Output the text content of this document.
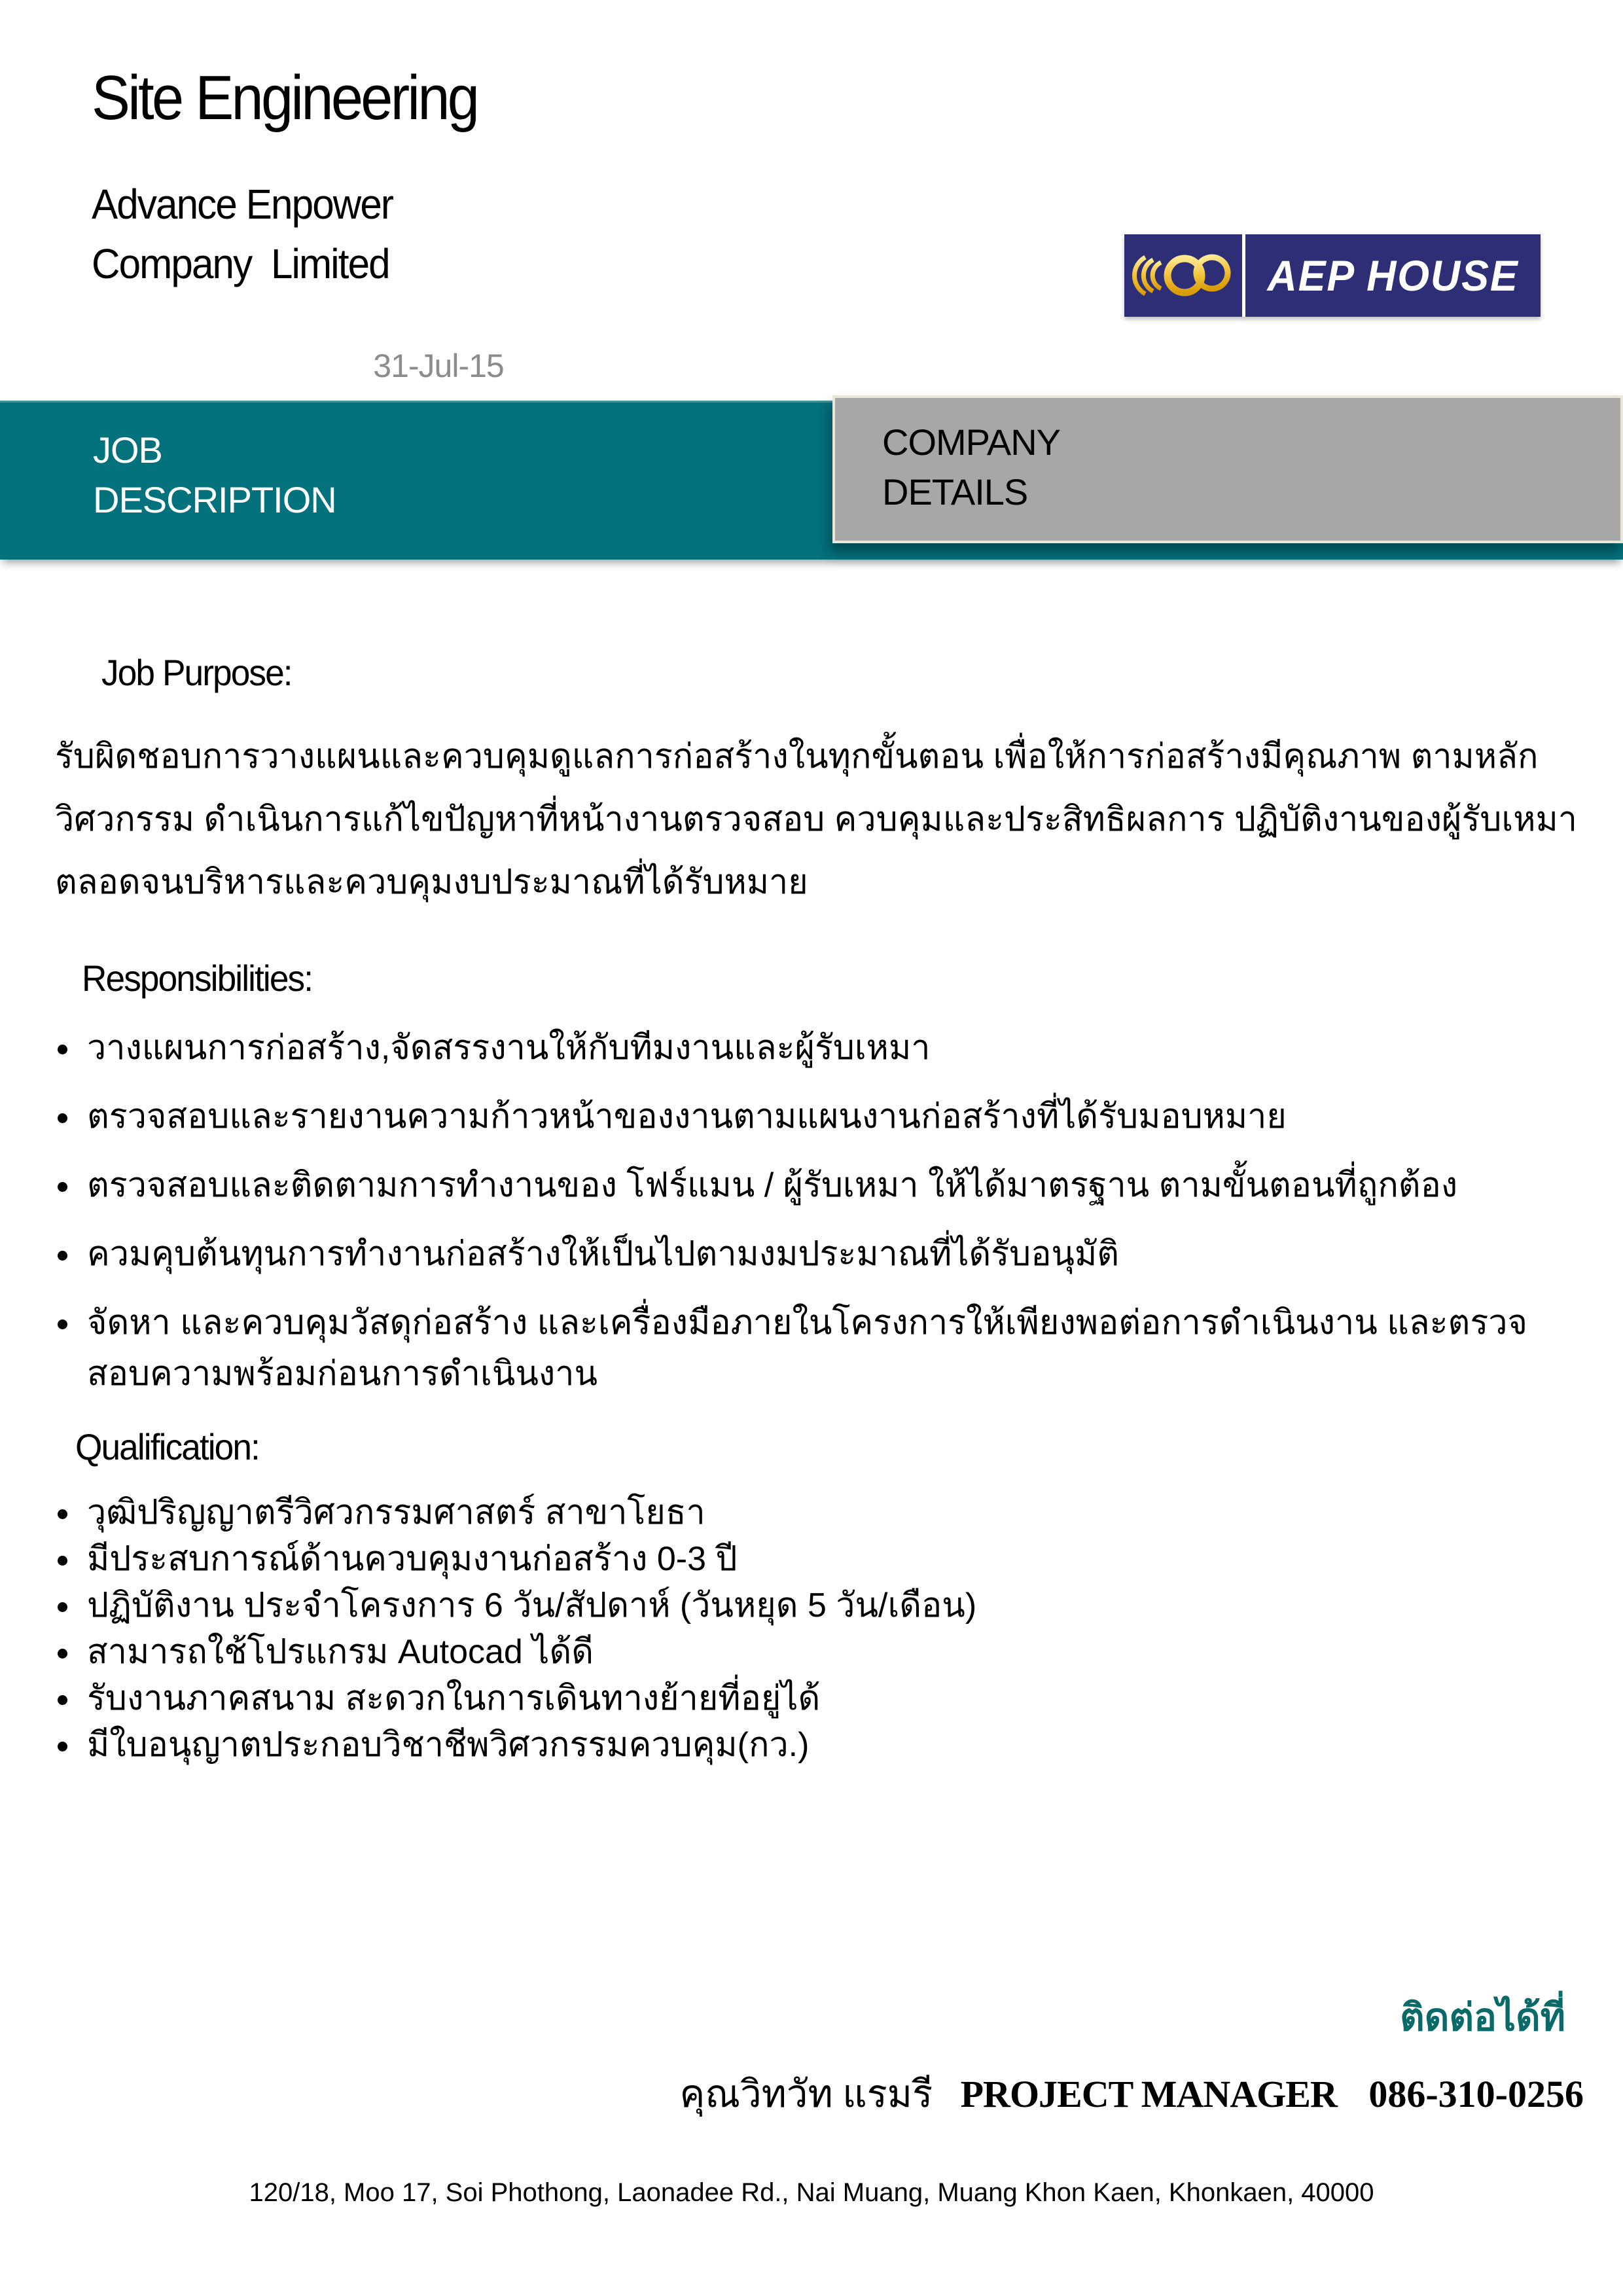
Site Engineering
Advance Enpower
Company  Limited
31-Jul-15
AEP HOUSE
JOB
DESCRIPTION
COMPANY
DETAILS
Job Purpose:

รับผิดชอบการวางแผนและควบคุมดูแลการก่อสร้างในทุกขั้นตอน เพื่อให้การก่อสร้างมีคุณภาพ ตามหลักวิศวกรรม ดำเนินการแก้ไขปัญหาที่หน้างานตรวจสอบ ควบคุมและประสิทธิผลการ ปฏิบัติงานของผู้รับเหมา ตลอดจนบริหารและควบคุมงบประมาณที่ได้รับหมาย

Responsibilities:
• วางแผนการก่อสร้าง,จัดสรรงานให้กับทีมงานและผู้รับเหมา
• ตรวจสอบและรายงานความก้าวหน้าของงานตามแผนงานก่อสร้างที่ได้รับมอบหมาย
• ตรวจสอบและติดตามการทำงานของ โฟร์แมน / ผู้รับเหมา ให้ได้มาตรฐาน ตามขั้นตอนที่ถูกต้อง
• ควมคุบต้นทุนการทำงานก่อสร้างให้เป็นไปตามงมประมาณที่ได้รับอนุมัติ
• จัดหา และควบคุมวัสดุก่อสร้าง และเครื่องมือภายในโครงการให้เพียงพอต่อการดำเนินงาน และตรวจสอบความพร้อมก่อนการดำเนินงาน
Qualification:
• วุฒิปริญญาตรีวิศวกรรมศาสตร์ สาขาโยธา
• มีประสบการณ์ด้านควบคุมงานก่อสร้าง 0-3 ปี
• ปฏิบัติงาน ประจำโครงการ 6 วัน/สัปดาห์ (วันหยุด 5 วัน/เดือน)
• สามารถใช้โปรแกรม Autocad ได้ดี
• รับงานภาคสนาม สะดวกในการเดินทางย้ายที่อยู่ได้
• มีใบอนุญาตประกอบวิชาชีพวิศวกรรมควบคุม(กว.)
ติดต่อได้ที่
คุณวิทวัท แรมรี PROJECT MANAGER 086-310-0256
120/18, Moo 17, Soi Phothong, Laonadee Rd., Nai Muang, Muang Khon Kaen, Khonkaen, 40000
